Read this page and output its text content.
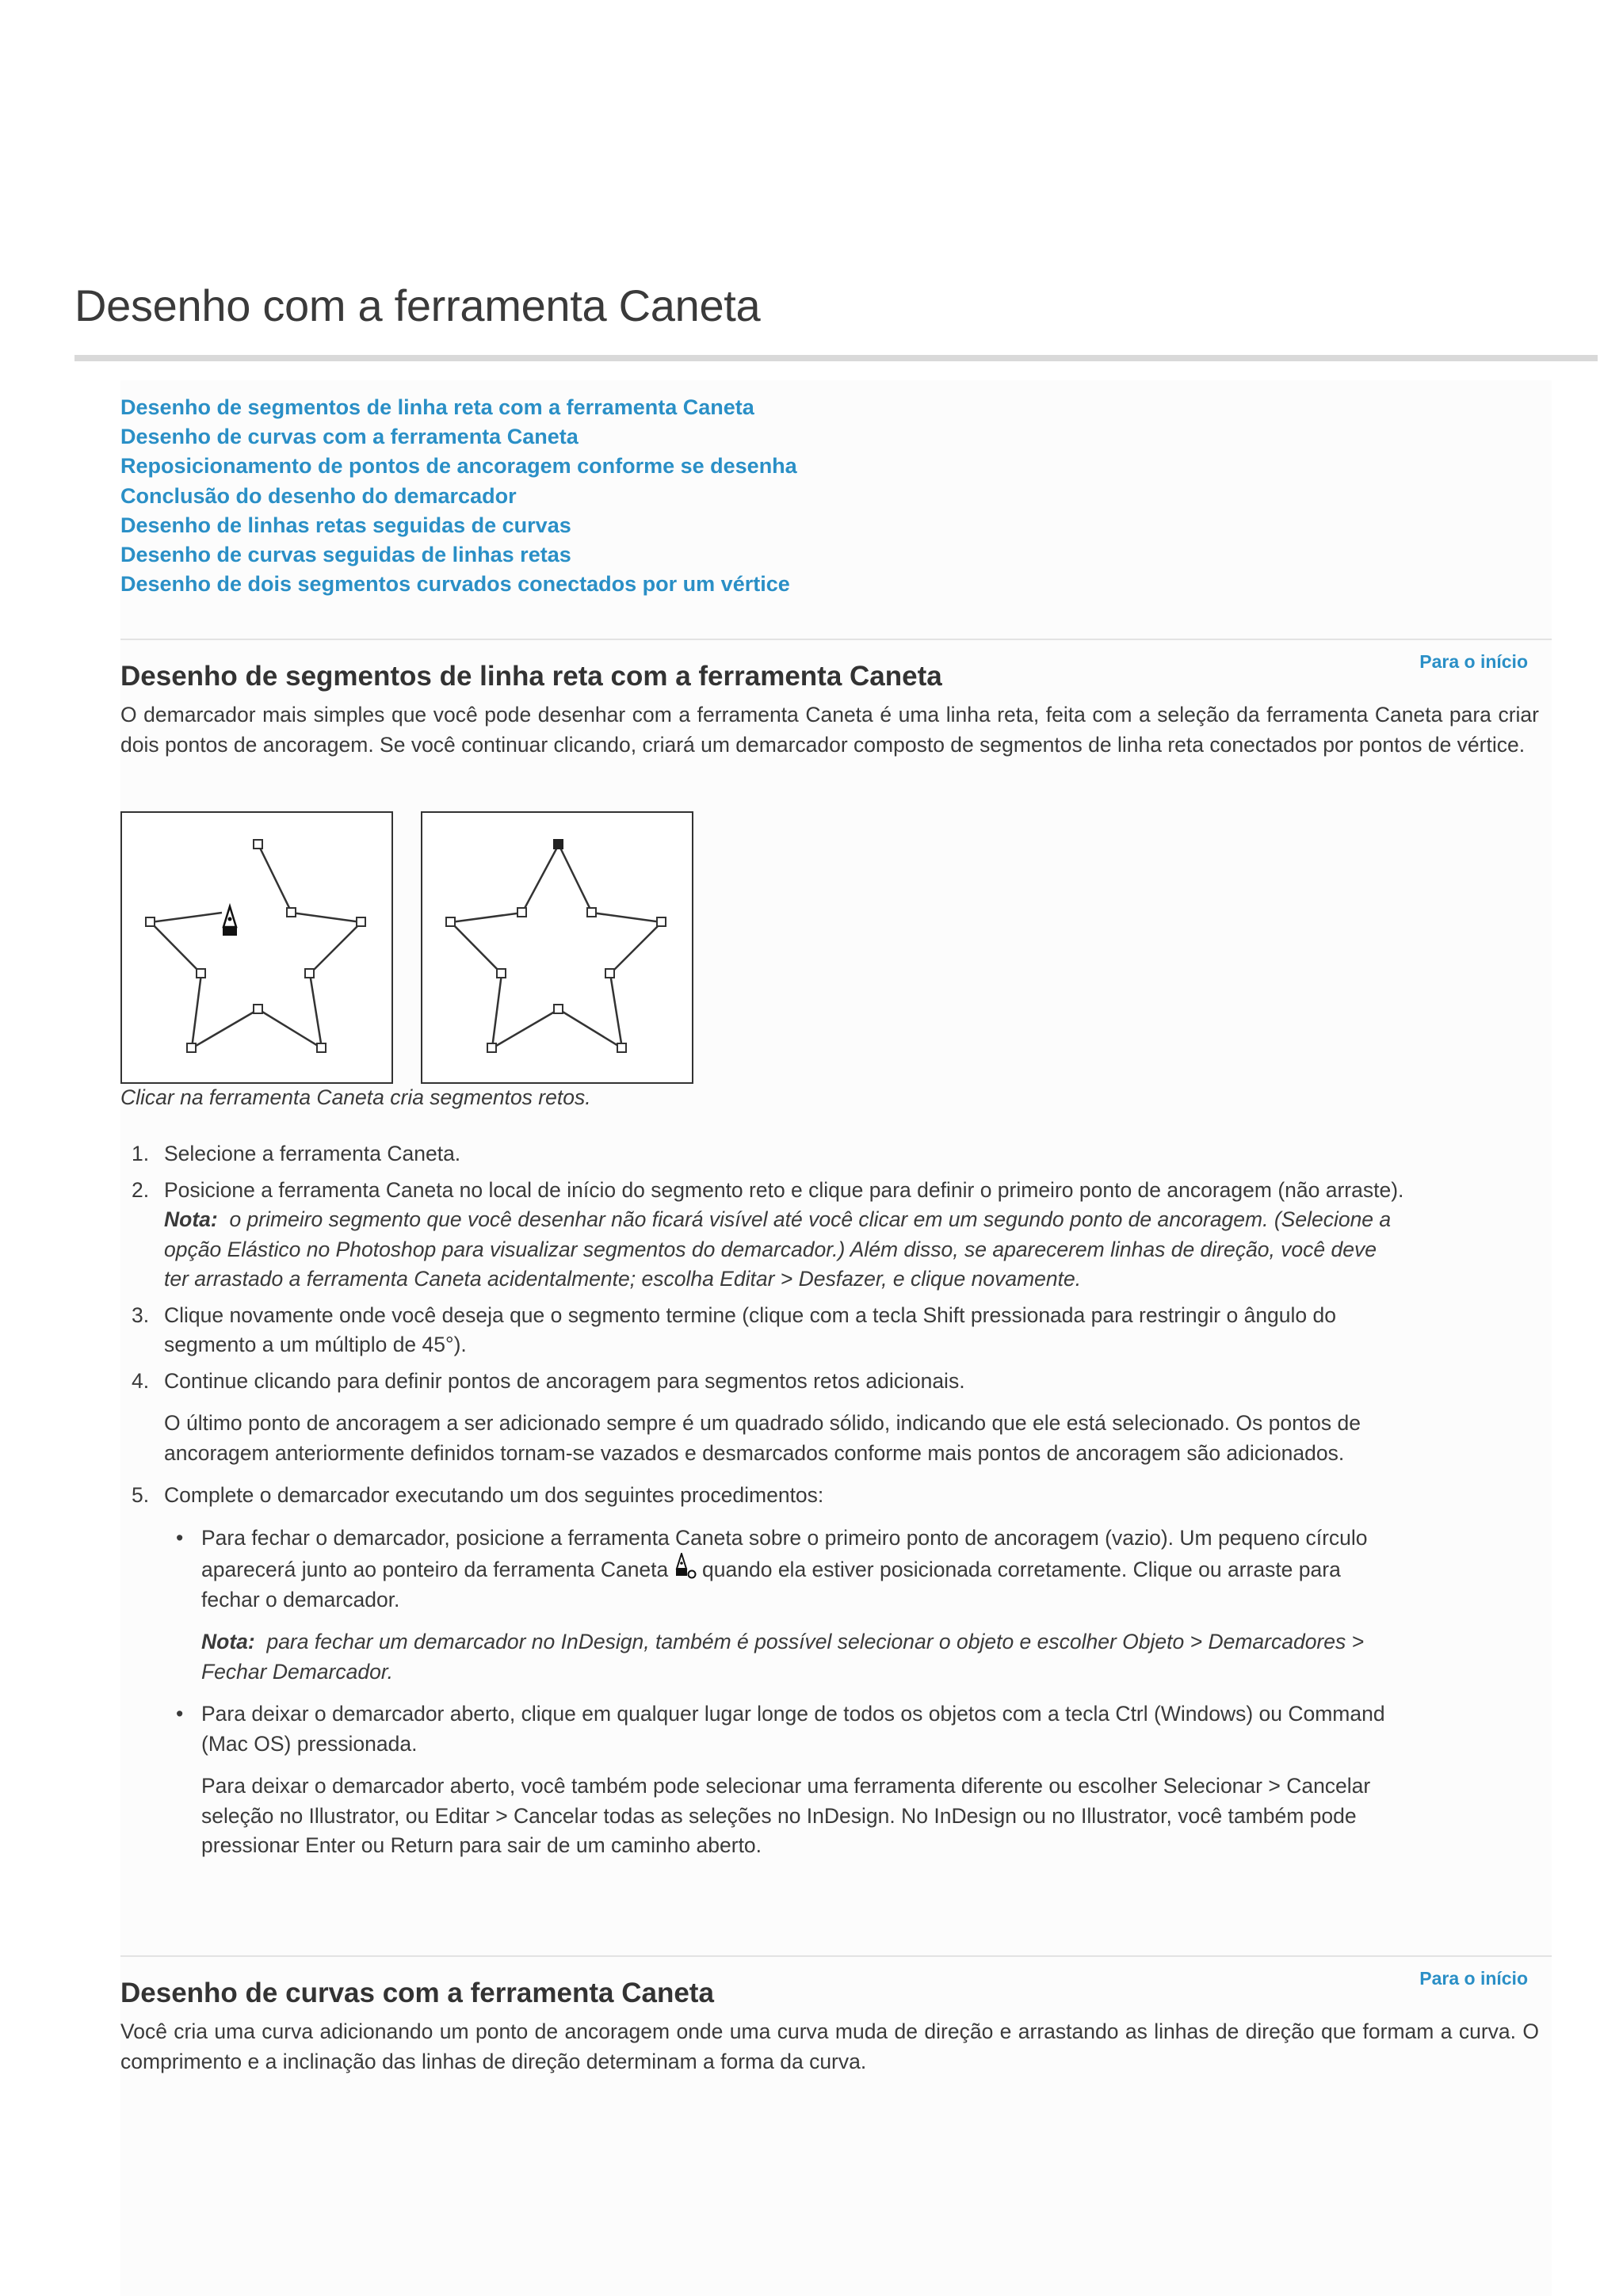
Desenho com a ferramenta Caneta
Desenho de segmentos de linha reta com a ferramenta Caneta
Desenho de curvas com a ferramenta Caneta
Reposicionamento de pontos de ancoragem conforme se desenha
Conclusão do desenho do demarcador
Desenho de linhas retas seguidas de curvas
Desenho de curvas seguidas de linhas retas
Desenho de dois segmentos curvados conectados por um vértice
Para o início
Desenho de segmentos de linha reta com a ferramenta Caneta

O demarcador mais simples que você pode desenhar com a ferramenta Caneta é uma linha reta, feita com a seleção da ferramenta Caneta para criar dois pontos de ancoragem. Se você continuar clicando, criará um demarcador composto de segmentos de linha reta conectados por pontos de vértice.

Clicar na ferramenta Caneta cria segmentos retos.

1. Selecione a ferramenta Caneta.
2. Posicione a ferramenta Caneta no local de início do segmento reto e clique para definir o primeiro ponto de ancoragem (não arraste).
Nota: o primeiro segmento que você desenhar não ficará visível até você clicar em um segundo ponto de ancoragem. (Selecione a opção Elástico no Photoshop para visualizar segmentos do demarcador.) Além disso, se aparecerem linhas de direção, você deve ter arrastado a ferramenta Caneta acidentalmente; escolha Editar > Desfazer, e clique novamente.
3. Clique novamente onde você deseja que o segmento termine (clique com a tecla Shift pressionada para restringir o ângulo do segmento a um múltiplo de 45°).
4. Continue clicando para definir pontos de ancoragem para segmentos retos adicionais.
O último ponto de ancoragem a ser adicionado sempre é um quadrado sólido, indicando que ele está selecionado. Os pontos de ancoragem anteriormente definidos tornam-se vazados e desmarcados conforme mais pontos de ancoragem são adicionados.
5. Complete o demarcador executando um dos seguintes procedimentos:
• Para fechar o demarcador, posicione a ferramenta Caneta sobre o primeiro ponto de ancoragem (vazio). Um pequeno círculo aparecerá junto ao ponteiro da ferramenta Caneta quando ela estiver posicionada corretamente. Clique ou arraste para fechar o demarcador.
Nota: para fechar um demarcador no InDesign, também é possível selecionar o objeto e escolher Objeto > Demarcadores > Fechar Demarcador.
• Para deixar o demarcador aberto, clique em qualquer lugar longe de todos os objetos com a tecla Ctrl (Windows) ou Command (Mac OS) pressionada.
Para deixar o demarcador aberto, você também pode selecionar uma ferramenta diferente ou escolher Selecionar > Cancelar seleção no Illustrator, ou Editar > Cancelar todas as seleções no InDesign. No InDesign ou no Illustrator, você também pode pressionar Enter ou Return para sair de um caminho aberto.
Para o início
Desenho de curvas com a ferramenta Caneta

Você cria uma curva adicionando um ponto de ancoragem onde uma curva muda de direção e arrastando as linhas de direção que formam a curva. O comprimento e a inclinação das linhas de direção determinam a forma da curva.
